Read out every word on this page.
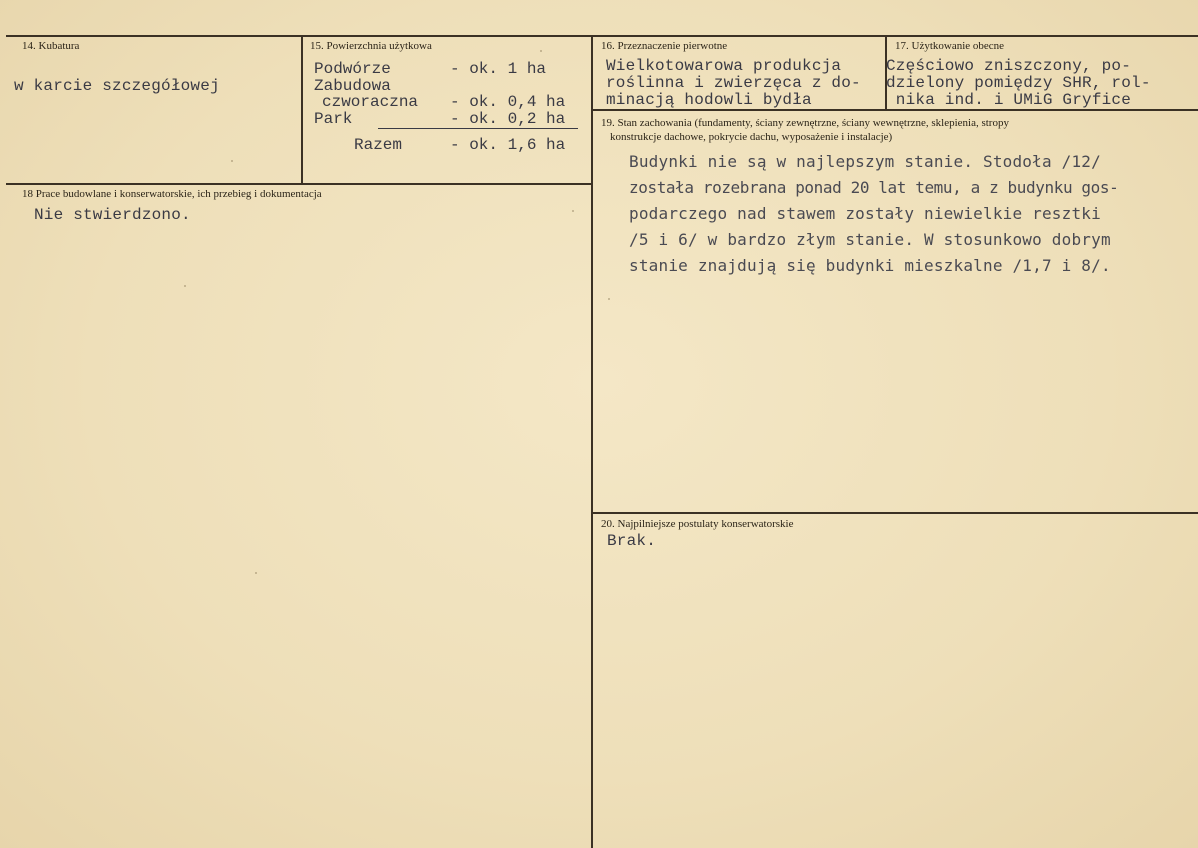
14. Kubatura
w karcie szczegółowej
15. Powierzchnia użytkowa
Podwórze	- ok. 1 ha
Zabudowa
czworaczna - ok. 0,4 ha
Park	- ok. 0,2 ha
Razem	- ok. 1,6 ha
16. Przeznaczenie pierwotne
Wielkotowarowa produkcja
roślinna i zwierzęca z do-
minacją hodowli bydła
17. Użytkowanie obecne
Częściowo zniszczony, po-
dzielony pomiędzy SHR, rol-
nika ind. i UMiG Gryfice
18 Prace budowlane i konserwatorskie, ich przebieg i dokumentacja
Nie stwierdzono.
19. Stan zachowania (fundamenty, ściany zewnętrzne, ściany wewnętrzne, sklepienia, stropy
konstrukcje dachowe, pokrycie dachu, wyposażenie i instalacje)
Budynki nie są w najlepszym stanie. Stodoła /12/
została rozebrana ponad 20 lat temu, a z budynku gos-
podarczego nad stawem zostały niewielkie resztki
/5 i 6/ w bardzo złym stanie. W stosunkowo dobrym
stanie znajdują się budynki mieszkalne /1,7 i 8/.
20. Najpilniejsze postulaty konserwatorskie
Brak.
